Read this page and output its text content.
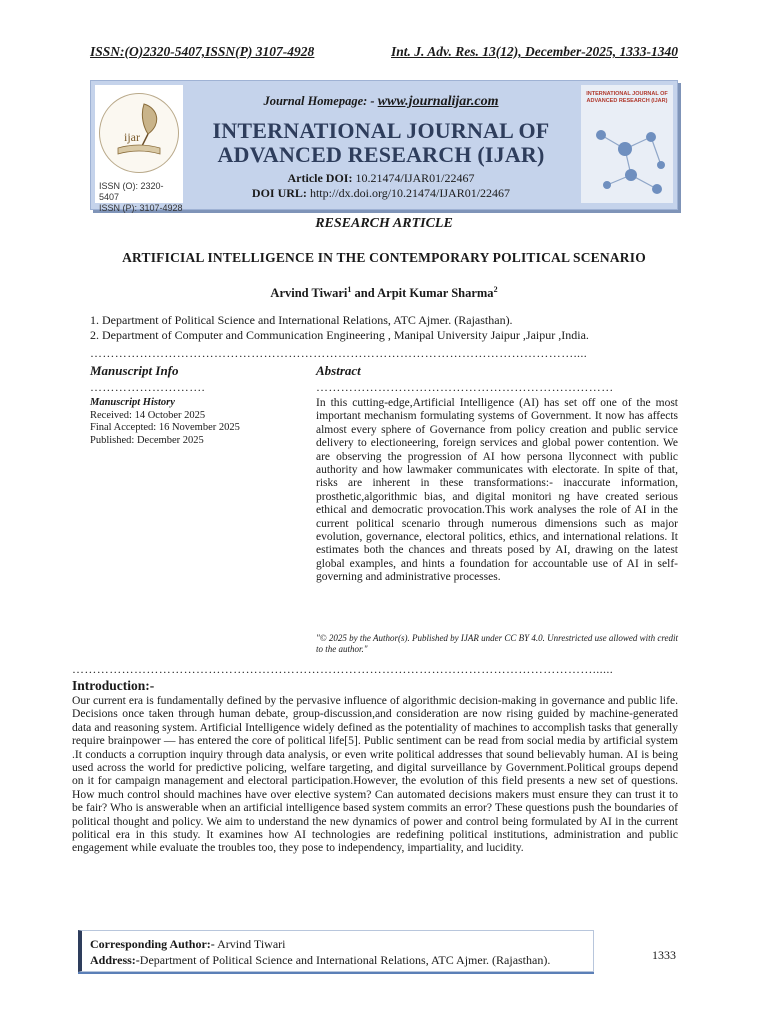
ISSN:(O)2320-5407,ISSN(P) 3107-4928	Int. J. Adv. Res. 13(12), December-2025, 1333-1340
ijar
ISSN (O): 2320-5407
ISSN (P): 3107-4928
Journal Homepage: - www.journalijar.com
INTERNATIONAL JOURNAL OF
ADVANCED RESEARCH (IJAR)
Article DOI: 10.21474/IJAR01/22467
DOI URL: http://dx.doi.org/10.21474/IJAR01/22467
INTERNATIONAL JOURNAL OF ADVANCED RESEARCH (IJAR)
RESEARCH ARTICLE
ARTIFICIAL INTELLIGENCE IN THE CONTEMPORARY POLITICAL SCENARIO
Arvind Tiwari$^1$ and Arpit Kumar Sharma$^2$
1. Department of Political Science and International Relations, ATC Ajmer. (Rajasthan).
2. Department of Computer and Communication Engineering , Manipal University Jaipur ,Jaipur ,India.
………………………………………………………………………………………………………....
Manuscript Info
……………………….
Manuscript History
Received: 14 October 2025
Final Accepted: 16 November 2025
Published: December 2025
Abstract
………………………………………………………………
In this cutting-edge,Artificial Intelligence (AI) has set off one of the most important mechanism formulating systems of Government. It now has affects almost every sphere of Governance from policy creation and public service delivery to electioneering, foreign services and global power contention. We are observing the progression of AI how persona llyconnect with public authority and how lawmaker communicates with electorate. In spite of that, risks are inherent in these transformations:- inaccurate information, prosthetic,algorithmic bias, and digital monitori ng have created serious ethical and democratic provocation.This work analyses the role of AI in the current political scenario through numerous dimensions such as major evolution, governance, electoral politics, ethics, and international relations. It estimates both the chances and threats posed by AI, drawing on the latest global examples, and hints a foundation for accountable use of AI in self-governing and administrative processes.
"© 2025 by the Author(s). Published by IJAR under CC BY 4.0. Unrestricted use allowed with credit to the author."
………………………………………………………………………………………………………………......
Introduction:-
Our current era is fundamentally defined by the pervasive influence of algorithmic decision-making in governance and public life. Decisions once taken through human debate, group-discussion,and consideration are now rising guided by machine-generated data and reasoning system. Artificial Intelligence widely defined as the potentiality of machines to accomplish tasks that generally require brainpower — has entered the core of political life[5]. Public sentiment can be read from social media by artificial system .It conducts a corruption inquiry through data analysis, or even write political addresses that sound believably human. AI is being used across the world for predictive policing, welfare targeting, and digital surveillance by Government.Political groups depend on it for campaign management and electoral participation.However, the evolution of this field presents a new set of questions. How much control should machines have over elective system? Can automated decisions makers must ensure they can trust it to be fair? Who is answerable when an artificial intelligence based system commits an error? These questions push the boundaries of political thought and policy. We aim to understand the new dynamics of power and control being formulated by AI in the current political era in this study. It examines how AI technologies are redefining political institutions, administration and public engagement while evaluate the troubles too, they pose to independency, impartiality, and lucidity.
Corresponding Author:- Arvind Tiwari
Address:-Department of Political Science and International Relations, ATC Ajmer. (Rajasthan).	1333
